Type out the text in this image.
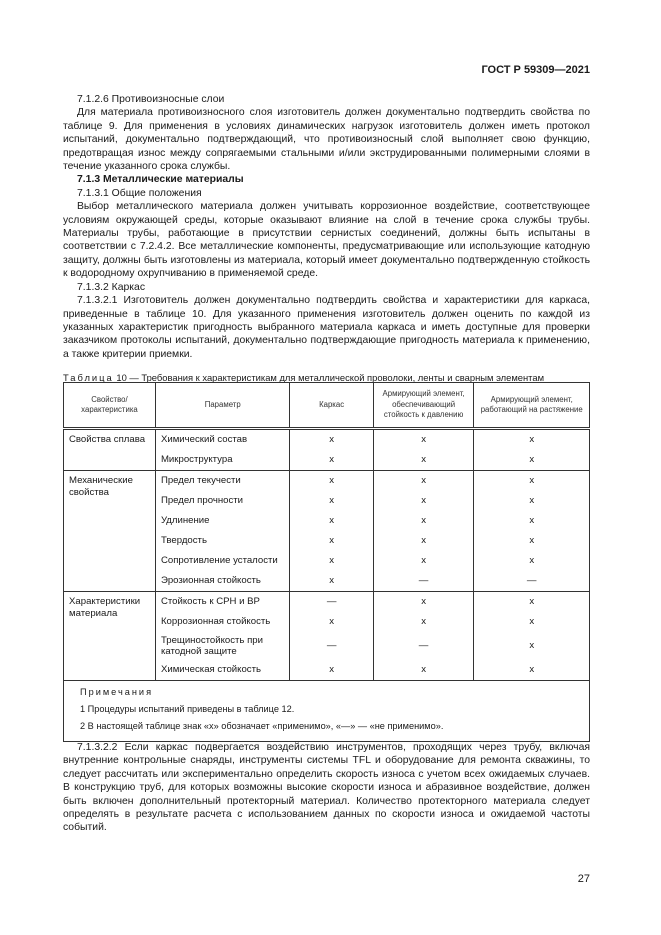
ГОСТ Р 59309—2021

7.1.2.6 Противоизносные слои

Для материала противоизносного слоя изготовитель должен документально подтвердить свойства по таблице 9. Для применения в условиях динамических нагрузок изготовитель должен иметь протокол испытаний, документально подтверждающий, что противоизносный слой выполняет свою функцию, предотвращая износ между сопрягаемыми стальными и/или экструдированными полимерными слоями в течение указанного срока службы.

7.1.3 Металлические материалы

7.1.3.1 Общие положения

Выбор металлического материала должен учитывать коррозионное воздействие, соответствующее условиям окружающей среды, которые оказывают влияние на слой в течение срока службы трубы. Материалы трубы, работающие в присутствии сернистых соединений, должны быть испытаны в соответствии с 7.2.4.2. Все металлические компоненты, предусматривающие или использующие катодную защиту, должны быть изготовлены из материала, который имеет документально подтвержденную стойкость к водородному охрупчиванию в применяемой среде.

7.1.3.2 Каркас

7.1.3.2.1 Изготовитель должен документально подтвердить свойства и характеристики для каркаса, приведенные в таблице 10. Для указанного применения изготовитель должен оценить по каждой из указанных характеристик пригодность выбранного материала каркаса и иметь доступные для проверки заказчиком протоколы испытаний, документально подтверждающие пригодность материала к применению, а также критерии приемки.

Таблица 10 — Требования к характеристикам для металлической проволоки, ленты и сварным элементам
Свойство/ характеристика	Параметр	Каркас	Армирующий элемент, обеспечивающий стойкость к давлению	Армирующий элемент, работающий на растяжение
Свойства сплава	Химический состав	x	x	x
	Микроструктура	x	x	x
Механические свойства	Предел текучести	x	x	x
	Предел прочности	x	x	x
	Удлинение	x	x	x
	Твердость	x	x	x
	Сопротивление усталости	x	x	x
	Эрозионная стойкость	x	—	—
Характеристики материала	Стойкость к СРН и ВР	—	x	x
	Коррозионная стойкость	x	x	x
	Трещиностойкость при катодной защите	—	—	x
	Химическая стойкость	x	x	x

Примечания
1 Процедуры испытаний приведены в таблице 12.
2 В настоящей таблице знак «x» обозначает «применимо», «—» — «не применимо».				

7.1.3.2.2 Если каркас подвергается воздействию инструментов, проходящих через трубу, включая внутренние контрольные снаряды, инструменты системы TFL и оборудование для ремонта скважины, то следует рассчитать или экспериментально определить скорость износа с учетом всех ожидаемых случаев. В конструкцию труб, для которых возможны высокие скорости износа и абразивное воздействие, должен быть включен дополнительный протекторный материал. Количество протекторного материала следует определять в результате расчета с использованием данных по скорости износа и ожидаемой частоты событий.

27
